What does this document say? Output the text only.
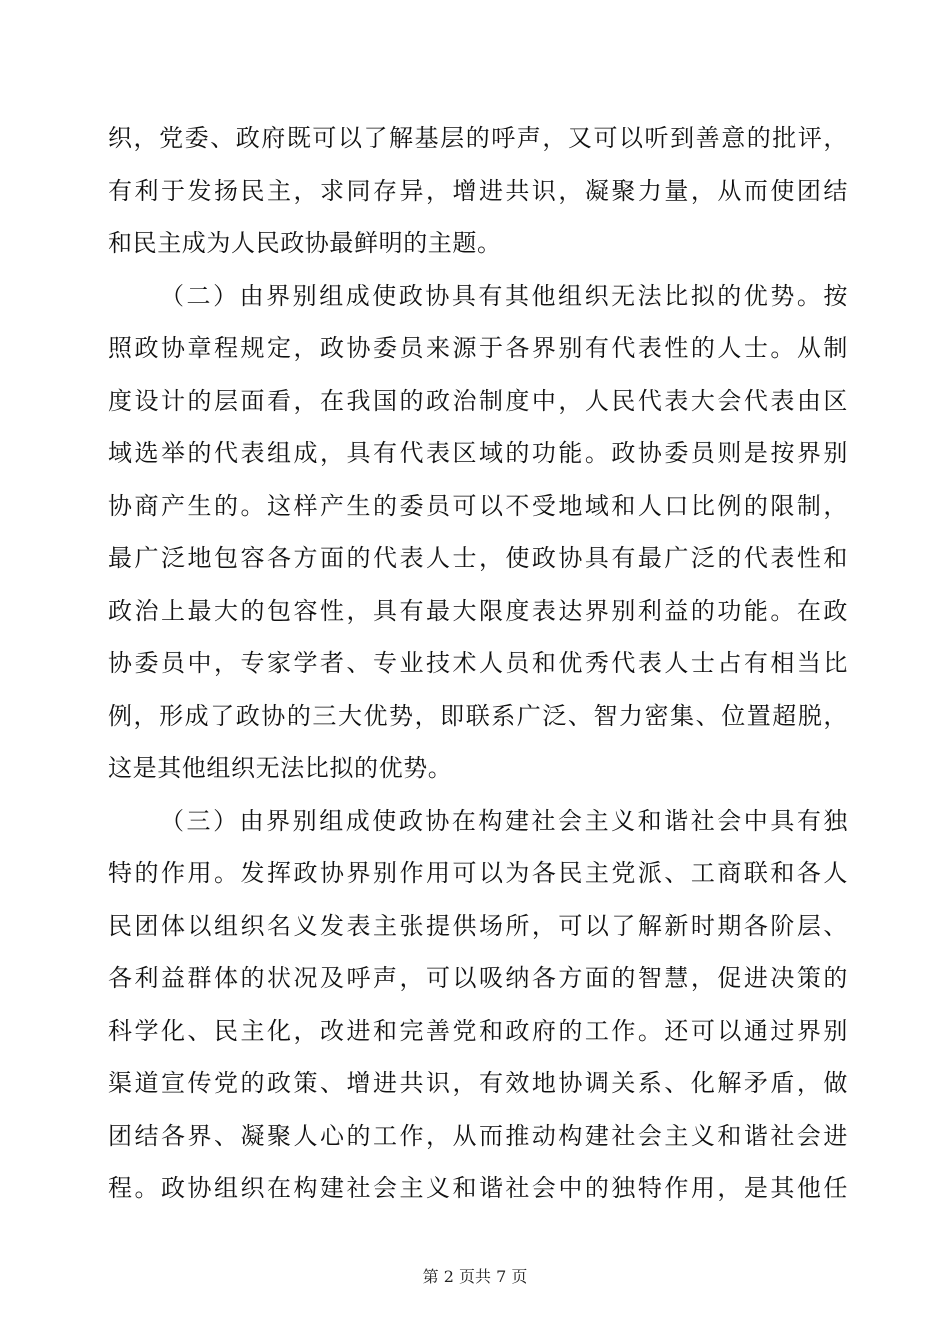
织，党委、政府既可以了解基层的呼声，又可以听到善意的批评，
有利于发扬民主，求同存异，增进共识，凝聚力量，从而使团结
和民主成为人民政协最鲜明的主题。
（二）由界别组成使政协具有其他组织无法比拟的优势。按
照政协章程规定，政协委员来源于各界别有代表性的人士。从制
度设计的层面看，在我国的政治制度中，人民代表大会代表由区
域选举的代表组成，具有代表区域的功能。政协委员则是按界别
协商产生的。这样产生的委员可以不受地域和人口比例的限制，
最广泛地包容各方面的代表人士，使政协具有最广泛的代表性和
政治上最大的包容性，具有最大限度表达界别利益的功能。在政
协委员中，专家学者、专业技术人员和优秀代表人士占有相当比
例，形成了政协的三大优势，即联系广泛、智力密集、位置超脱，
这是其他组织无法比拟的优势。
（三）由界别组成使政协在构建社会主义和谐社会中具有独
特的作用。发挥政协界别作用可以为各民主党派、工商联和各人
民团体以组织名义发表主张提供场所，可以了解新时期各阶层、
各利益群体的状况及呼声，可以吸纳各方面的智慧，促进决策的
科学化、民主化，改进和完善党和政府的工作。还可以通过界别
渠道宣传党的政策、增进共识，有效地协调关系、化解矛盾，做
团结各界、凝聚人心的工作，从而推动构建社会主义和谐社会进
程。政协组织在构建社会主义和谐社会中的独特作用，是其他任
第 2 页共 7 页
